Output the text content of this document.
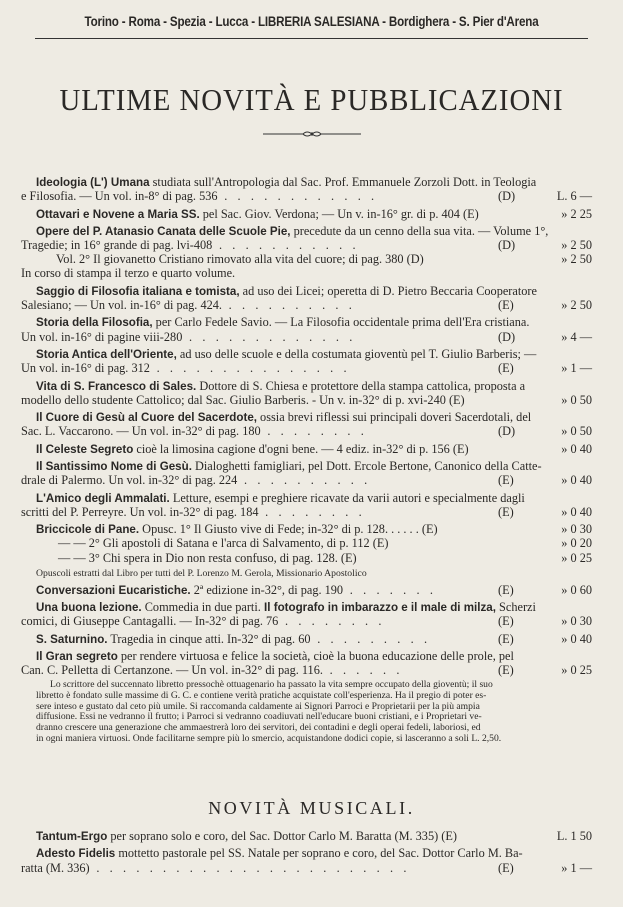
Torino - Roma - Spezia - Lucca - LIBRERIA SALESIANA - Bordighera - S. Pier d'Arena
ULTIME NOVITÀ E PUBBLICAZIONI
Ideologia (L') Umana studiata sull'Antropologia dal Sac. Prof. Emmanuele Zorzoli Dott. in Teologia
e Filosofia. — Un vol. in-8° di pag. 536 . . . . . . . . . . . .	(D)	L. 6 —
Ottavari e Novene a Maria SS. pel Sac. Giov. Verdona; — Un v. in-16° gr. di p. 404 (E)	» 2 25
Opere del P. Atanasio Canata delle Scuole Pie, precedute da un cenno della sua vita. — Volume 1°,
Tragedie; in 16° grande di pag. lvi-408 . . . . . . . . . . .	(D)	» 2 50
Vol. 2° Il giovanetto Cristiano rimovato alla vita del cuore; di pag. 380 (D)	» 2 50
In corso di stampa il terzo e quarto volume.
Saggio di Filosofia italiana e tomista, ad uso dei Licei; operetta di D. Pietro Beccaria Cooperatore
Salesiano; — Un vol. in-16° di pag. 424. . . . . . . . . . .	(E)	» 2 50
Storia della Filosofia, per Carlo Fedele Savio. — La Filosofia occidentale prima dell'Era cristiana.
Un vol. in-16° di pagine viii-280 . . . . . . . . . . . . .	(D)	» 4 —
Storia Antica dell'Oriente, ad uso delle scuole e della costumata gioventù pel T. Giulio Barberis; —
Un vol. in-16° di pag. 312 . . . . . . . . . . . . . . .	(E)	» 1 —
Vita di S. Francesco di Sales. Dottore di S. Chiesa e protettore della stampa cattolica, proposta a
modello dello studente Cattolico; dal Sac. Giulio Barberis. - Un v. in-32° di p. xvi-240 (E)	» 0 50
Il Cuore di Gesù al Cuore del Sacerdote, ossia brevi riflessi sui principali doveri Sacerdotali, del
Sac. L. Vaccarono. — Un vol. in-32° di pag. 180 . . . . . . . .	(D)	» 0 50
Il Celeste Segreto cioè la limosina cagione d'ogni bene. — 4 ediz. in-32° di p. 156 (E)	» 0 40
Il Santissimo Nome di Gesù. Dialoghetti famigliari, pel Dott. Ercole Bertone, Canonico della Catte-
drale di Palermo. Un vol. in-32° di pag. 224 . . . . . . . . . .	(E)	» 0 40
L'Amico degli Ammalati. Letture, esempi e preghiere ricavate da varii autori e specialmente dagli
scritti del P. Perreyre. Un vol. in-32° di pag. 184 . . . . . . . .	(E)	» 0 40
Briccicole di Pane. Opusc. 1° Il Giusto vive di Fede; in-32° di p. 128. . . . . . (E)	» 0 30
— — 2° Gli apostoli di Satana e l'arca di Salvamento, di p. 112 (E)	» 0 20
— — 3° Chi spera in Dio non resta confuso, di pag. 128. (E)	» 0 25
Opuscoli estratti dal Libro per tutti del P. Lorenzo M. Gerola, Missionario Apostolico
Conversazioni Eucaristiche. 2ª edizione in-32°, di pag. 190 . . . . . . .	(E)	» 0 60
Una buona lezione. Commedia in due parti. Il fotografo in imbarazzo e il male di milza, Scherzi
comici, di Giuseppe Cantagalli. — In-32° di pag. 76 . . . . . . . .	(E)	» 0 30
S. Saturnino. Tragedia in cinque atti. In-32° di pag. 60 . . . . . . . . .	(E)	» 0 40
Il Gran segreto per rendere virtuosa e felice la società, cioè la buona educazione delle prole, pel
Can. C. Pelletta di Certanzone. — Un vol. in-32° di pag. 116. . . . . . .	(E)	» 0 25
Lo scrittore del succennato libretto pressochè ottuagenario ha passato la vita sempre occupato della gioventù; il suo
libretto è fondato sulle massime di G. C. e contiene verità pratiche acquistate coll'esperienza. Ha il pregio di poter es-
sere inteso e gustato dal ceto più umile. Si raccomanda caldamente ai Signori Parroci e Proprietarii per la più ampia
diffusione. Essi ne vedranno il frutto; i Parroci si vedranno coadiuvati nell'educare buoni cristiani, e i Proprietari ve-
dranno crescere una generazione che ammaestrerà loro dei servitori, dei contadini e degli operai fedeli, laboriosi, ed
in ogni maniera virtuosi. Onde facilitarne sempre più lo smercio, acquistandone dodici copie, si lasceranno a soli L. 2,50.
NOVITÀ MUSICALI.
Tantum-Ergo per soprano solo e coro, del Sac. Dottor Carlo M. Baratta (M. 335) (E)	L. 1 50
Adesto Fidelis mottetto pastorale pel SS. Natale per soprano e coro, del Sac. Dottor Carlo M. Ba-
ratta (M. 336) . . . . . . . . . . . . . . . . . . . . . . . .	(E)	» 1 —
